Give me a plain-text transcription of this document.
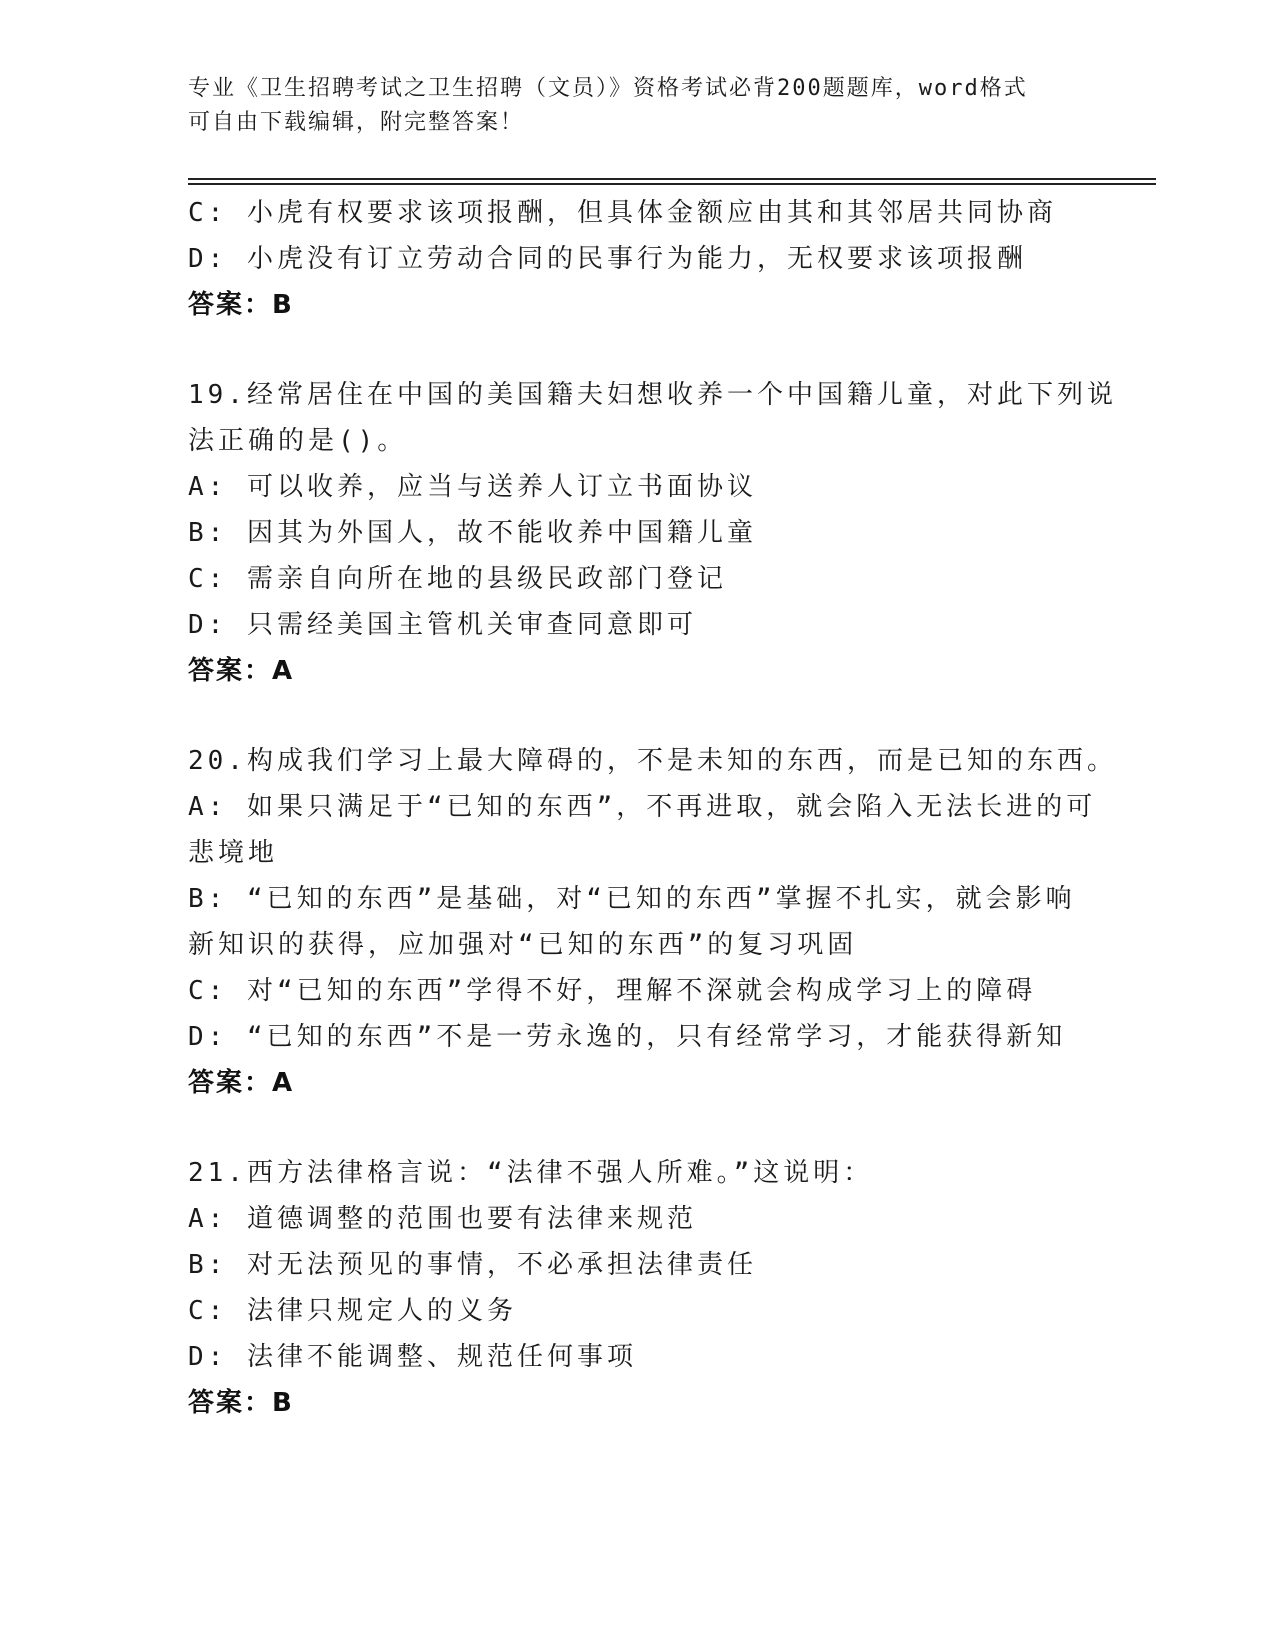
专业《卫生招聘考试之卫生招聘（文员）》资格考试必背200题题库，word格式
可自由下载编辑，附完整答案！
C: 小虎有权要求该项报酬，但具体金额应由其和其邻居共同协商
D: 小虎没有订立劳动合同的民事行为能力，无权要求该项报酬
答案：B
19.经常居住在中国的美国籍夫妇想收养一个中国籍儿童，对此下列说
法正确的是()。
A: 可以收养，应当与送养人订立书面协议
B: 因其为外国人，故不能收养中国籍儿童
C: 需亲自向所在地的县级民政部门登记
D: 只需经美国主管机关审查同意即可
答案：A
20.构成我们学习上最大障碍的，不是未知的东西，而是已知的东西。
A: 如果只满足于“已知的东西”，不再进取，就会陷入无法长进的可
悲境地
B: “已知的东西”是基础，对“已知的东西”掌握不扎实，就会影响
新知识的获得，应加强对“已知的东西”的复习巩固
C: 对“已知的东西”学得不好，理解不深就会构成学习上的障碍
D: “已知的东西”不是一劳永逸的，只有经常学习，才能获得新知
答案：A
21.西方法律格言说：“法律不强人所难。”这说明：
A: 道德调整的范围也要有法律来规范
B: 对无法预见的事情，不必承担法律责任
C: 法律只规定人的义务
D: 法律不能调整、规范任何事项
答案：B
